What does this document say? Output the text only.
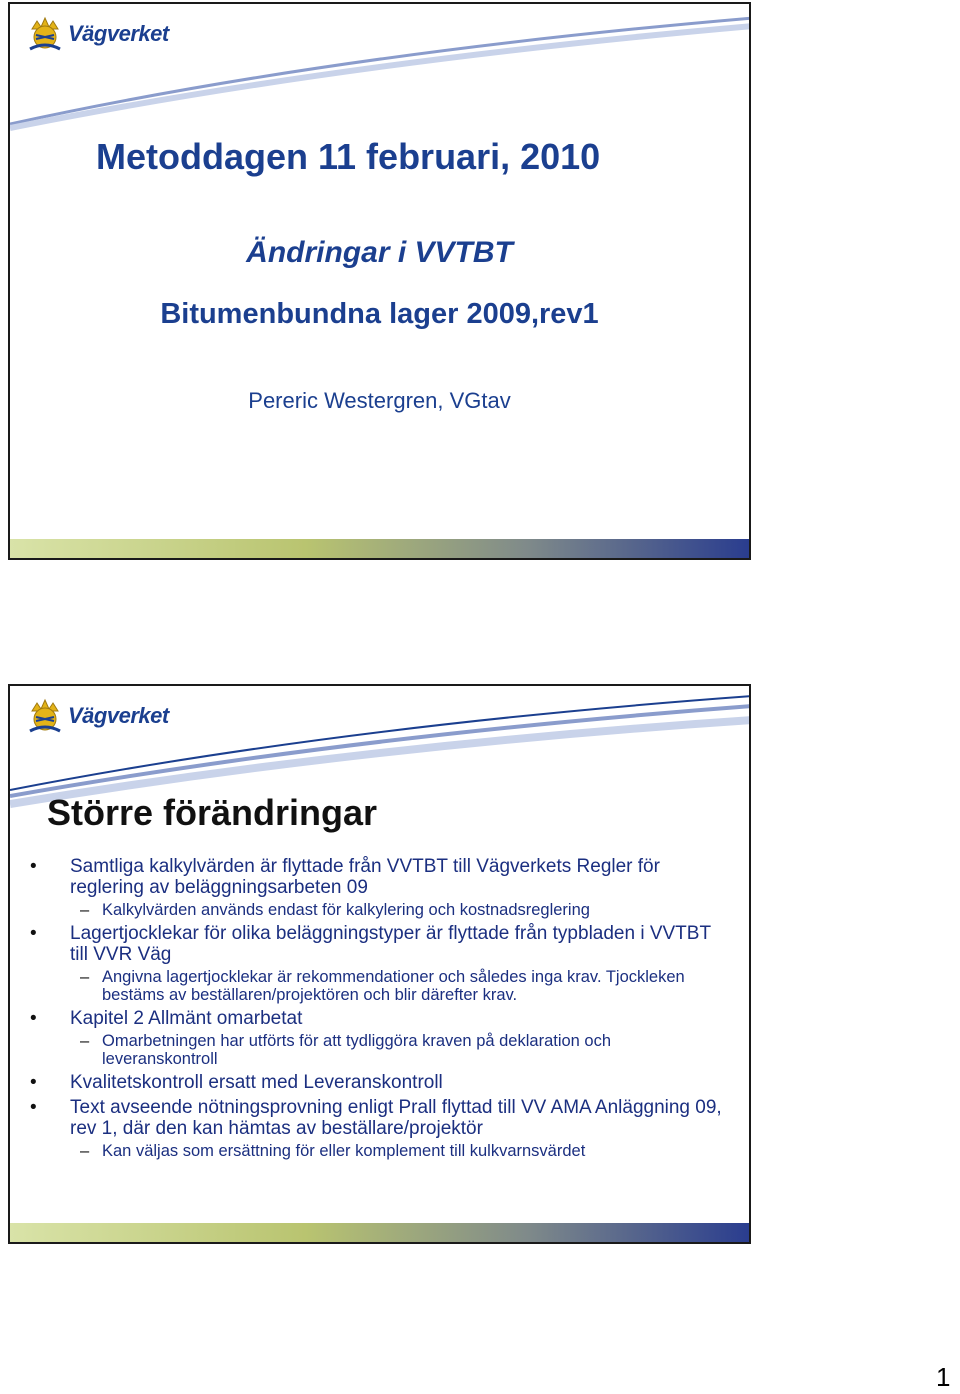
Vägverket
Metoddagen 11 februari, 2010
Ändringar i VVTBT
Bitumenbundna lager 2009,rev1
Pereric Westergren, VGtav
Vägverket
Större förändringar
• Samtliga kalkylvärden är flyttade från VVTBT till Vägverkets Regler för reglering av beläggningsarbeten 09
– Kalkylvärden används endast för kalkylering och kostnadsreglering
• Lagertjocklekar för olika beläggningstyper är flyttade från typbladen i VVTBT till VVR Väg
– Angivna lagertjocklekar är rekommendationer och således inga krav. Tjockleken bestäms av beställaren/projektören och blir därefter krav.
• Kapitel 2 Allmänt omarbetat
– Omarbetningen har utförts för att tydliggöra kraven på deklaration och leveranskontroll
• Kvalitetskontroll ersatt med Leveranskontroll
• Text avseende nötningsprovning enligt Prall flyttad till VV AMA Anläggning 09, rev 1, där den kan hämtas av beställare/projektör
– Kan väljas som ersättning för eller komplement till kulkvarnsvärdet
1
